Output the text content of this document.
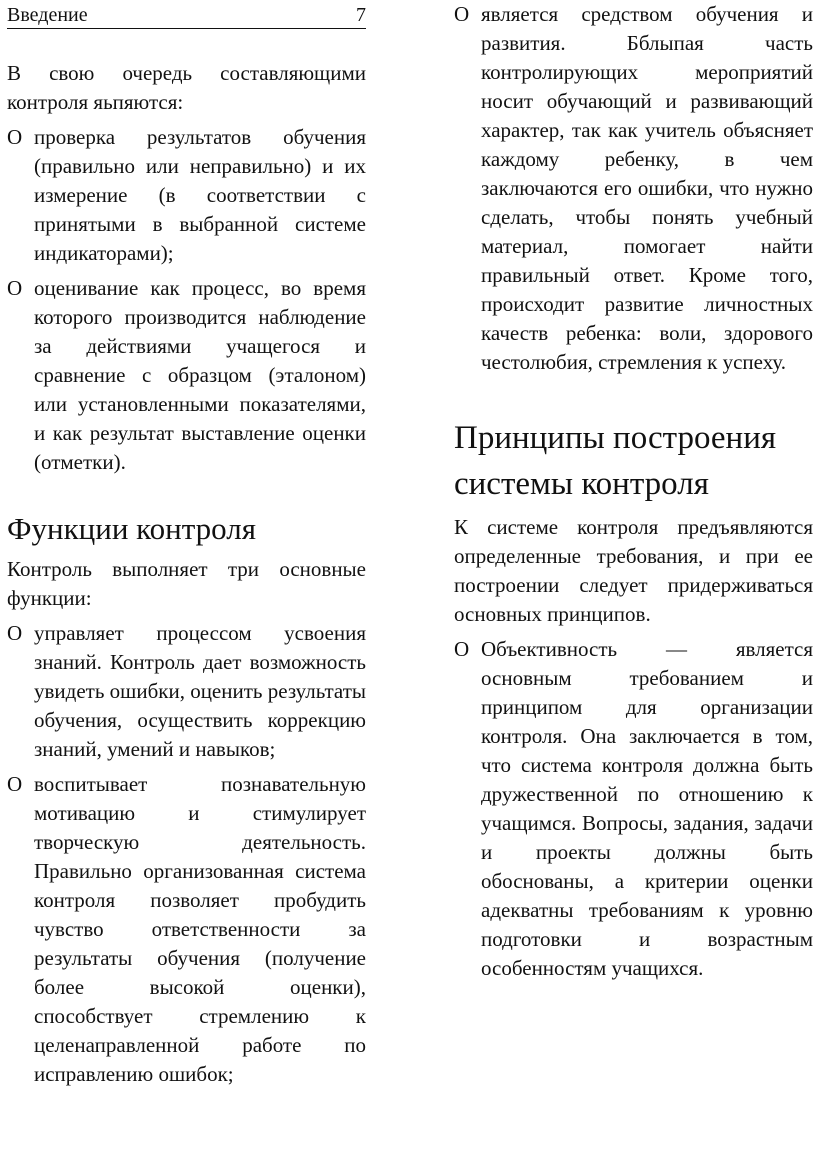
Введение	7

В свою очередь составляющими контроля яьпяются:

O проверка результатов обучения (правильно или неправильно) и их измерение (в соответствии с принятыми в выбранной системе индикаторами);
O оценивание как процесс, во время которого производится наблюдение за действиями учащегося и сравнение с образцом (эталоном) или установленными показателями, и как результат выставление оценки (отметки).
Функции контроля

Контроль выполняет три основные функции:

O управляет процессом усвоения знаний. Контроль дает возможность увидеть ошибки, оценить результаты обучения, осуществить коррекцию знаний, умений и навыков;
O воспитывает познавательную мотивацию и стимулирует творческую деятельность. Правильно организованная система контроля позволяет пробудить чувство ответственности за результаты обучения (получение более высокой оценки), способствует стремлению к целенаправленной работе по исправлению ошибок;
O является средством обучения и развития. Бблыпая часть контролирующих мероприятий носит обучающий и развивающий характер, так как учитель объясняет каждому ребенку, в чем заключаются его ошибки, что нужно сделать, чтобы понять учебный материал, помогает найти правильный ответ. Кроме того, происходит развитие личностных качеств ребенка: воли, здорового честолюбия, стремления к успеху.
Принципы построения системы контроля

К системе контроля предъявляются определенные требования, и при ее построении следует придерживаться основных принципов.

O Объективность — является основным требованием и принципом для организации контроля. Она заключается в том, что система контроля должна быть дружественной по отношению к учащимся. Вопросы, задания, задачи и проекты должны быть обоснованы, а критерии оценки адекватны требованиям к уровню подготовки и возрастным особенностям учащихся.
